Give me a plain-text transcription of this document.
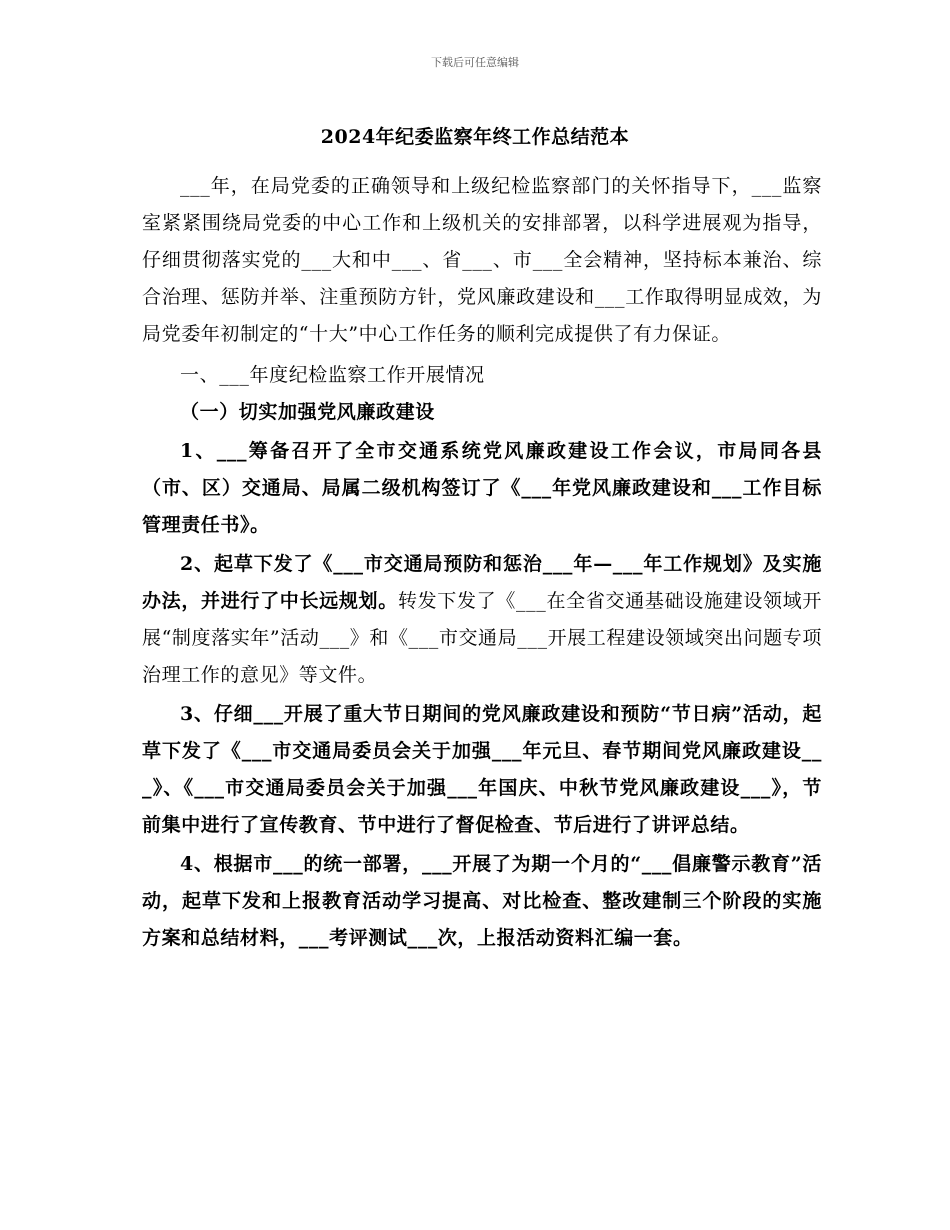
下载后可任意编辑
2024年纪委监察年终工作总结范本

___年，在局党委的正确领导和上级纪检监察部门的关怀指导下，___监察室紧紧围绕局党委的中心工作和上级机关的安排部署，以科学进展观为指导，仔细贯彻落实党的___大和中___、省___、市___全会精神，坚持标本兼治、综合治理、惩防并举、注重预防方针，党风廉政建设和___工作取得明显成效，为局党委年初制定的“十大”中心工作任务的顺利完成提供了有力保证。

一、___年度纪检监察工作开展情况

（一）切实加强党风廉政建设

1、___筹备召开了全市交通系统党风廉政建设工作会议，市局同各县（市、区）交通局、局属二级机构签订了《___年党风廉政建设和___工作目标管理责任书》。

2、起草下发了《___市交通局预防和惩治___年—___年工作规划》及实施办法，并进行了中长远规划。转发下发了《___在全省交通基础设施建设领域开展“制度落实年”活动___》和《___市交通局___开展工程建设领域突出问题专项治理工作的意见》等文件。

3、仔细___开展了重大节日期间的党风廉政建设和预防“节日病”活动，起草下发了《___市交通局委员会关于加强___年元旦、春节期间党风廉政建设___》、《___市交通局委员会关于加强___年国庆、中秋节党风廉政建设___》，节前集中进行了宣传教育、节中进行了督促检查、节后进行了讲评总结。

4、根据市___的统一部署，___开展了为期一个月的“___倡廉警示教育”活动，起草下发和上报教育活动学习提高、对比检查、整改建制三个阶段的实施方案和总结材料，___考评测试___次，上报活动资料汇编一套。
